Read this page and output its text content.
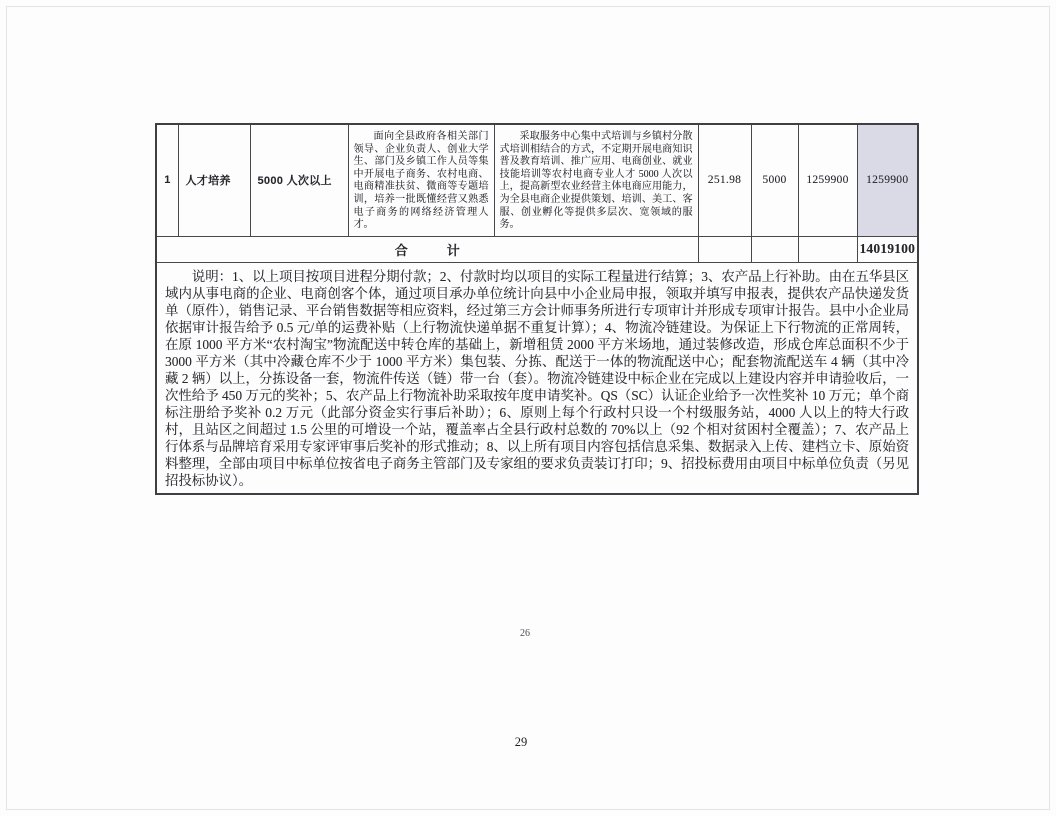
1	人才培养	5000 人次以上	面向全县政府各相关部门领导、企业负责人、创业大学生、部门及乡镇工作人员等集中开展电子商务、农村电商、电商精准扶贫、微商等专题培训，培养一批既懂经营又熟悉电子商务的网络经济管理人才。	采取服务中心集中式培训与乡镇村分散式培训相结合的方式，不定期开展电商知识普及教育培训、推广应用、电商创业、就业技能培训等农村电商专业人才 5000 人次以上，提高新型农业经营主体电商应用能力，为全县电商企业提供策划、培训、美工、客服、创业孵化等提供多层次、宽领域的服务。	251.98	5000	1259900	1259900
合　　　计								14019100
说明：1、以上项目按项目进程分期付款；2、付款时均以项目的实际工程量进行结算；3、农产品上行补助。由在五华县区域内从事电商的企业、电商创客个体，通过项目承办单位统计向县中小企业局申报，领取并填写申报表，提供农产品快递发货单（原件），销售记录、平台销售数据等相应资料，经过第三方会计师事务所进行专项审计并形成专项审计报告。县中小企业局依据审计报告给予 0.5 元/单的运费补贴（上行物流快递单据不重复计算）；4、物流冷链建设。为保证上下行物流的正常周转，在原 1000 平方米“农村淘宝”物流配送中转仓库的基础上，新增租赁 2000 平方米场地，通过装修改造，形成仓库总面积不少于 3000 平方米（其中冷藏仓库不少于 1000 平方米）集包装、分拣、配送于一体的物流配送中心；配套物流配送车 4 辆（其中冷藏 2 辆）以上，分拣设备一套，物流件传送（链）带一台（套）。物流冷链建设中标企业在完成以上建设内容并申请验收后，一次性给予 450 万元的奖补；5、农产品上行物流补助采取按年度申请奖补。QS（SC）认证企业给予一次性奖补 10 万元；单个商标注册给予奖补 0.2 万元（此部分资金实行事后补助）；6、原则上每个行政村只设一个村级服务站，4000 人以上的特大行政村，且站区之间超过 1.5 公里的可增设一个站，覆盖率占全县行政村总数的 70%以上（92 个相对贫困村全覆盖）；7、农产品上行体系与品牌培育采用专家评审事后奖补的形式推动；8、以上所有项目内容包括信息采集、数据录入上传、建档立卡、原始资料整理，全部由项目中标单位按省电子商务主管部门及专家组的要求负责装订打印；9、招投标费用由项目中标单位负责（另见招投标协议）。								
26
29
